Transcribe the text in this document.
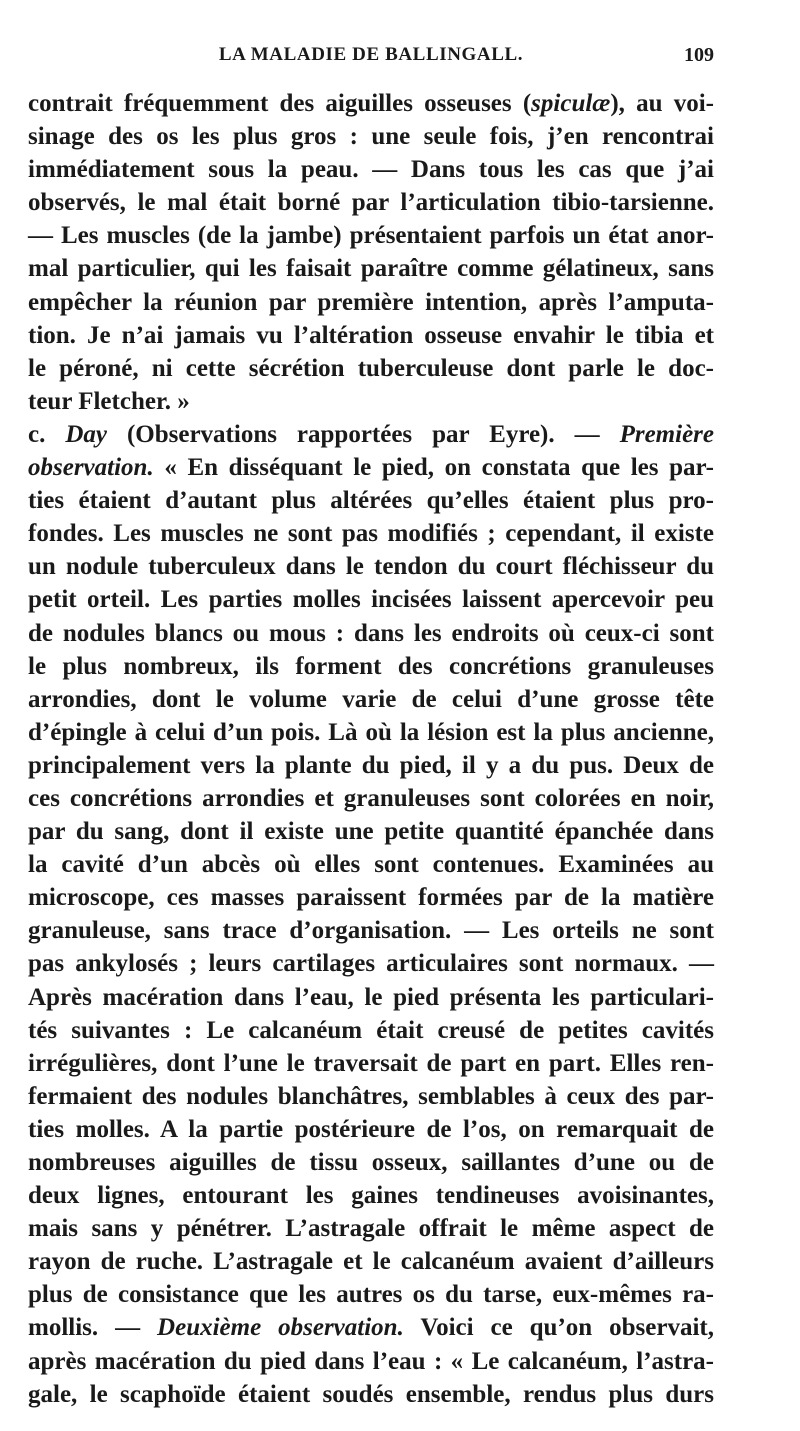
LA MALADIE DE BALLINGALL.	109
contrait fréquemment des aiguilles osseuses (spiculæ), au voi-
sinage des os les plus gros : une seule fois, j’en rencontrai
immédiatement sous la peau. — Dans tous les cas que j’ai
observés, le mal était borné par l’articulation tibio-tarsienne.
— Les muscles (de la jambe) présentaient parfois un état anor-
mal particulier, qui les faisait paraître comme gélatineux, sans
empêcher la réunion par première intention, après l’amputa-
tion. Je n’ai jamais vu l’altération osseuse envahir le tibia et
le péroné, ni cette sécrétion tuberculeuse dont parle le doc-
teur Fletcher. »
c. Day (Observations rapportées par Eyre). — Première
observation. « En disséquant le pied, on constata que les par-
ties étaient d’autant plus altérées qu’elles étaient plus pro-
fondes. Les muscles ne sont pas modifiés ; cependant, il existe
un nodule tuberculeux dans le tendon du court fléchisseur du
petit orteil. Les parties molles incisées laissent apercevoir peu
de nodules blancs ou mous : dans les endroits où ceux-ci sont
le plus nombreux, ils forment des concrétions granuleuses
arrondies, dont le volume varie de celui d’une grosse tête
d’épingle à celui d’un pois. Là où la lésion est la plus ancienne,
principalement vers la plante du pied, il y a du pus. Deux de
ces concrétions arrondies et granuleuses sont colorées en noir,
par du sang, dont il existe une petite quantité épanchée dans
la cavité d’un abcès où elles sont contenues. Examinées au
microscope, ces masses paraissent formées par de la matière
granuleuse, sans trace d’organisation. — Les orteils ne sont
pas ankylosés ; leurs cartilages articulaires sont normaux. —
Après macération dans l’eau, le pied présenta les particulari-
tés suivantes : Le calcanéum était creusé de petites cavités
irrégulières, dont l’une le traversait de part en part. Elles ren-
fermaient des nodules blanchâtres, semblables à ceux des par-
ties molles. A la partie postérieure de l’os, on remarquait de
nombreuses aiguilles de tissu osseux, saillantes d’une ou de
deux lignes, entourant les gaines tendineuses avoisinantes,
mais sans y pénétrer. L’astragale offrait le même aspect de
rayon de ruche. L’astragale et le calcanéum avaient d’ailleurs
plus de consistance que les autres os du tarse, eux-mêmes ra-
mollis. — Deuxième observation. Voici ce qu’on observait,
après macération du pied dans l’eau : « Le calcanéum, l’astra-
gale, le scaphoïde étaient soudés ensemble, rendus plus durs
